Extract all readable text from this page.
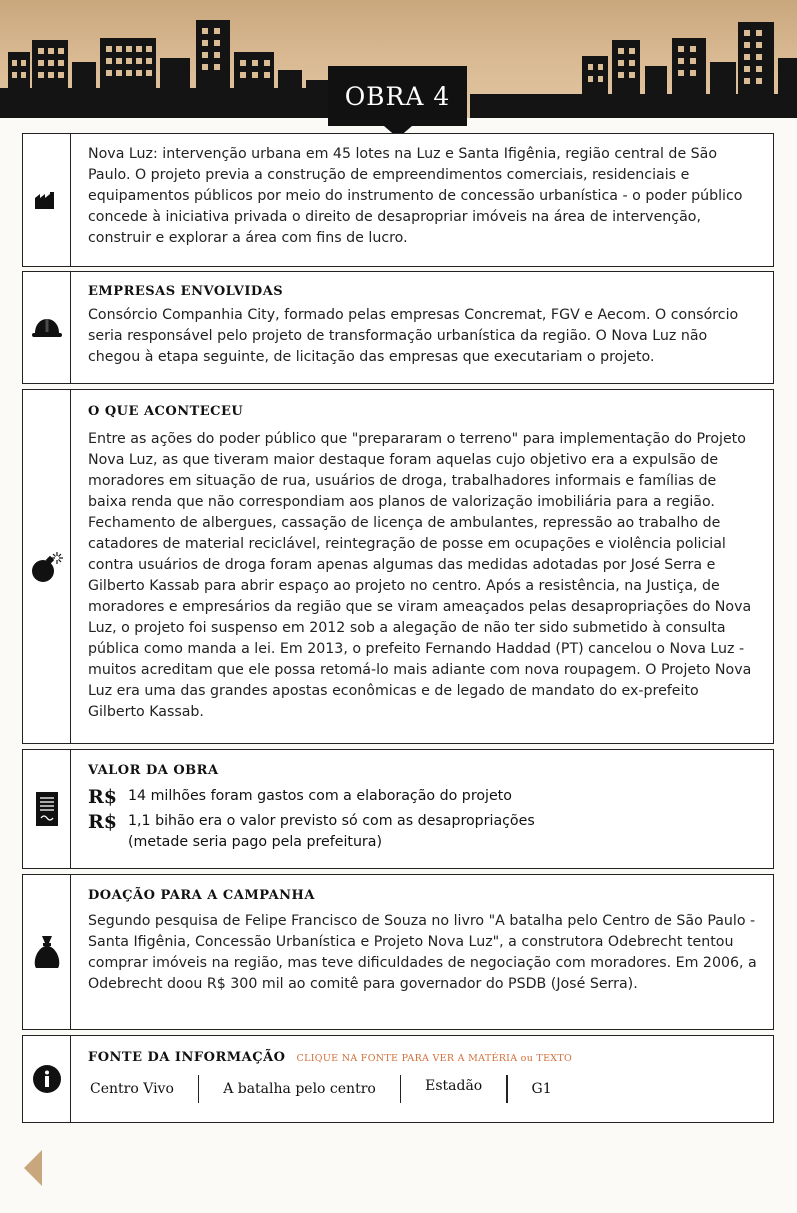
OBRA 4
Nova Luz: intervenção urbana em 45 lotes na Luz e Santa Ifigênia, região central de São Paulo. O projeto previa a construção de empreendimentos comerciais, residenciais e equipamentos públicos por meio do instrumento de concessão urbanística - o poder público concede à iniciativa privada o direito de desapropriar imóveis na área de intervenção, construir e explorar a área com fins de lucro.
EMPRESAS ENVOLVIDAS
Consórcio Companhia City, formado pelas empresas Concremat, FGV e Aecom. O consórcio seria responsável pelo projeto de transformação urbanística da região. O Nova Luz não chegou à etapa seguinte, de licitação das empresas que executariam o projeto.
O QUE ACONTECEU
Entre as ações do poder público que "prepararam o terreno" para implementação do Projeto Nova Luz, as que tiveram maior destaque foram aquelas cujo objetivo era a expulsão de moradores em situação de rua, usuários de droga, trabalhadores informais e famílias de baixa renda que não correspondiam aos planos de valorização imobiliária para a região. Fechamento de albergues, cassação de licença de ambulantes, repressão ao trabalho de catadores de material reciclável, reintegração de posse em ocupações e violência policial contra usuários de droga foram apenas algumas das medidas adotadas por José Serra e Gilberto Kassab para abrir espaço ao projeto no centro. Após a resistência, na Justiça, de moradores e empresários da região que se viram ameaçados pelas desapropriações do Nova Luz, o projeto foi suspenso em 2012 sob a alegação de não ter sido submetido à consulta pública como manda a lei. Em 2013, o prefeito Fernando Haddad (PT) cancelou o Nova Luz - muitos acreditam que ele possa retomá-lo mais adiante com nova roupagem. O Projeto Nova Luz era uma das grandes apostas econômicas e de legado de mandato do ex-prefeito Gilberto Kassab.
VALOR DA OBRA
R$ 14 milhões foram gastos com a elaboração do projeto
R$ 1,1 bihão era o valor previsto só com as desapropriações
(metade seria pago pela prefeitura)
DOAÇÃO PARA A CAMPANHA
Segundo pesquisa de Felipe Francisco de Souza no livro "A batalha pelo Centro de São Paulo - Santa Ifigênia, Concessão Urbanística e Projeto Nova Luz", a construtora Odebrecht tentou comprar imóveis na região, mas teve dificuldades de negociação com moradores. Em 2006, a Odebrecht doou R$ 300 mil ao comitê para governador do PSDB (José Serra).
FONTE DA INFORMAÇÃO CLIQUE NA FONTE PARA VER A MATÉRIA ou TEXTO
Centro Vivo	A batalha pelo centro	Estadão	G1
